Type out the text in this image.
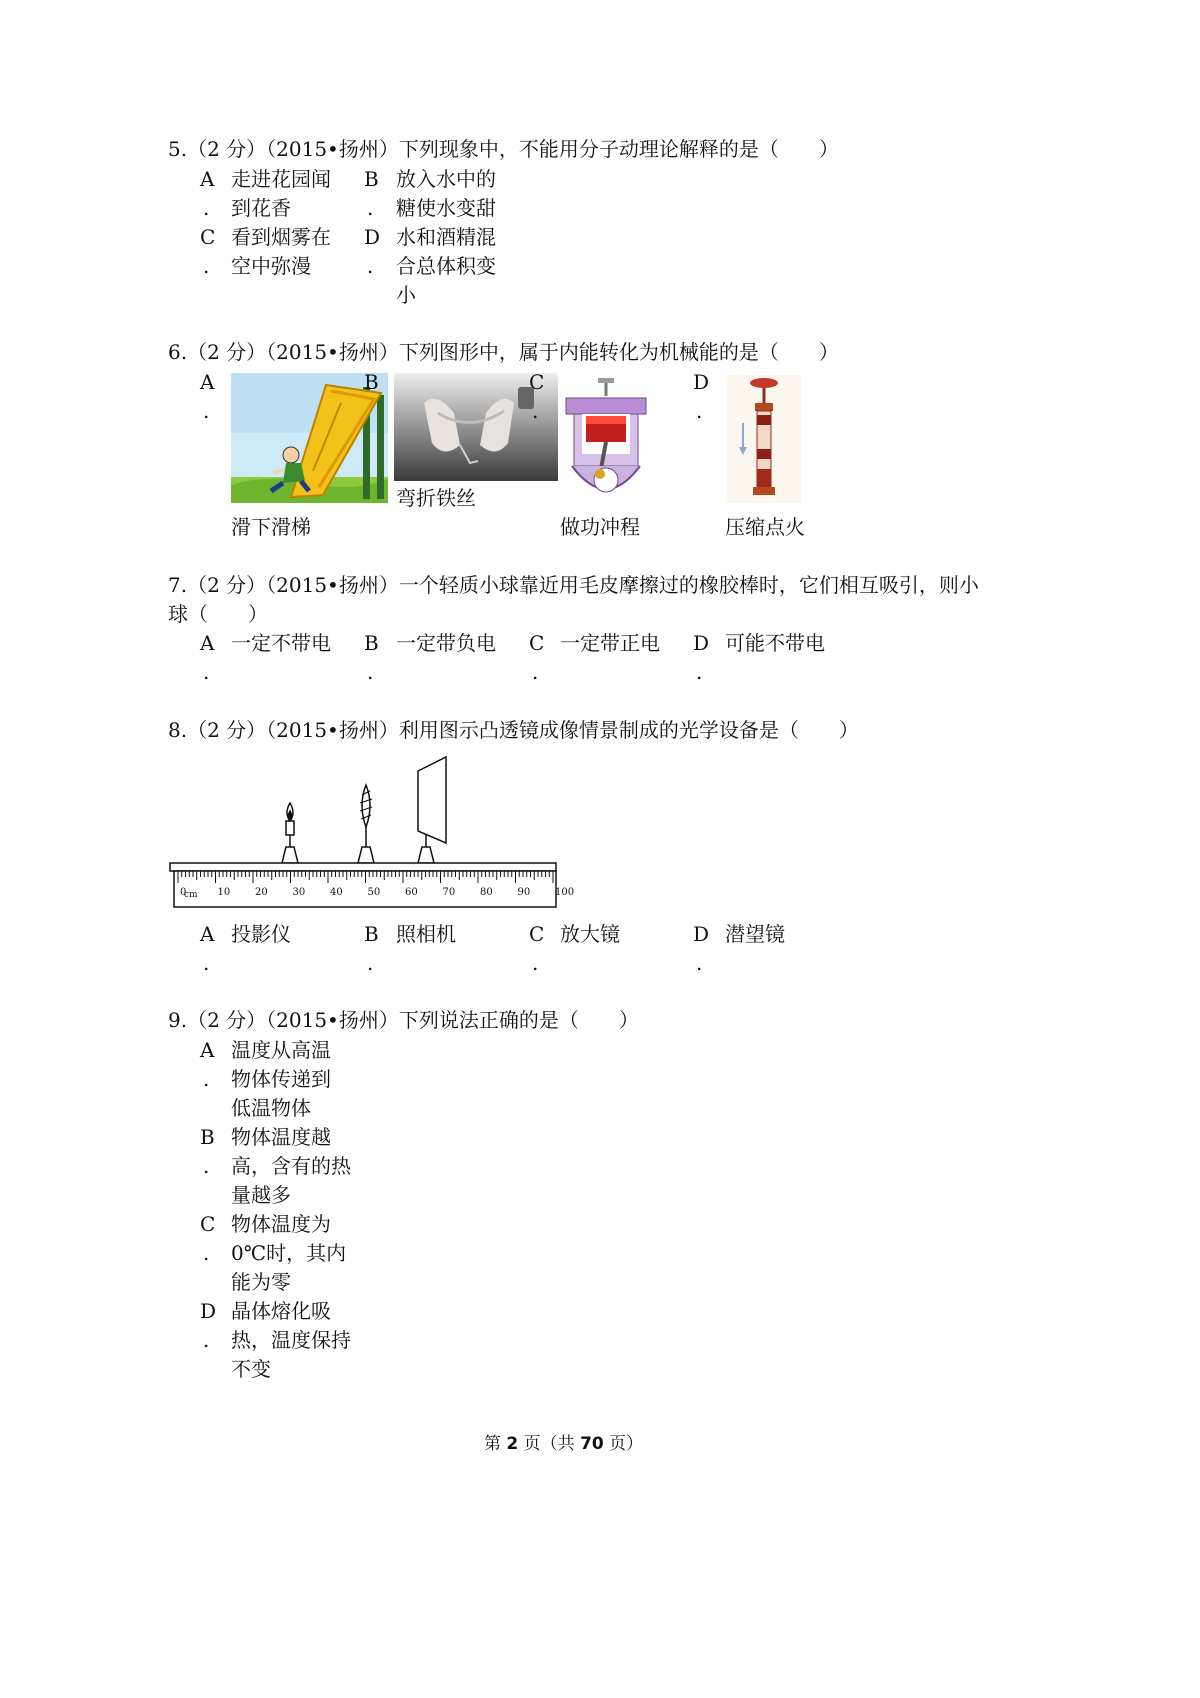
5.（2 分）（2015•扬州）下列现象中，不能用分子动理论解释的是（　　）
A
.
走进花园闻
到花香
B
.
放入水中的
糖使水变甜
C
.
看到烟雾在
空中弥漫
D
.
水和酒精混
合总体积变
小
6.（2 分）（2015•扬州）下列图形中，属于内能转化为机械能的是（　　）
A
.
B	C
.
D
.
滑下滑梯
弯折铁丝
做功冲程	压缩点火
7.（2 分）（2015•扬州）一个轻质小球靠近用毛皮摩擦过的橡胶棒时，它们相互吸引，则小
球（　　）
A
.
一定不带电 B
.
一定带负电 C
.
一定带正电 D
.
可能不带电
8.（2 分）（2015•扬州）利用图示凸透镜成像情景制成的光学设备是（　　）
0	10 20 30 40 50 60 70 80 90 100
cm
A
.
投影仪	B
.
照相机	C
.
放大镜	D
.
潜望镜
9.（2 分）（2015•扬州）下列说法正确的是（　　）
A
.
温度从高温
物体传递到
低温物体
B
.
物体温度越
高，含有的热
量越多
C
.
物体温度为
0℃时，其内
能为零
D
.
晶体熔化吸
热，温度保持
不变
第 2 页（共 70 页）
